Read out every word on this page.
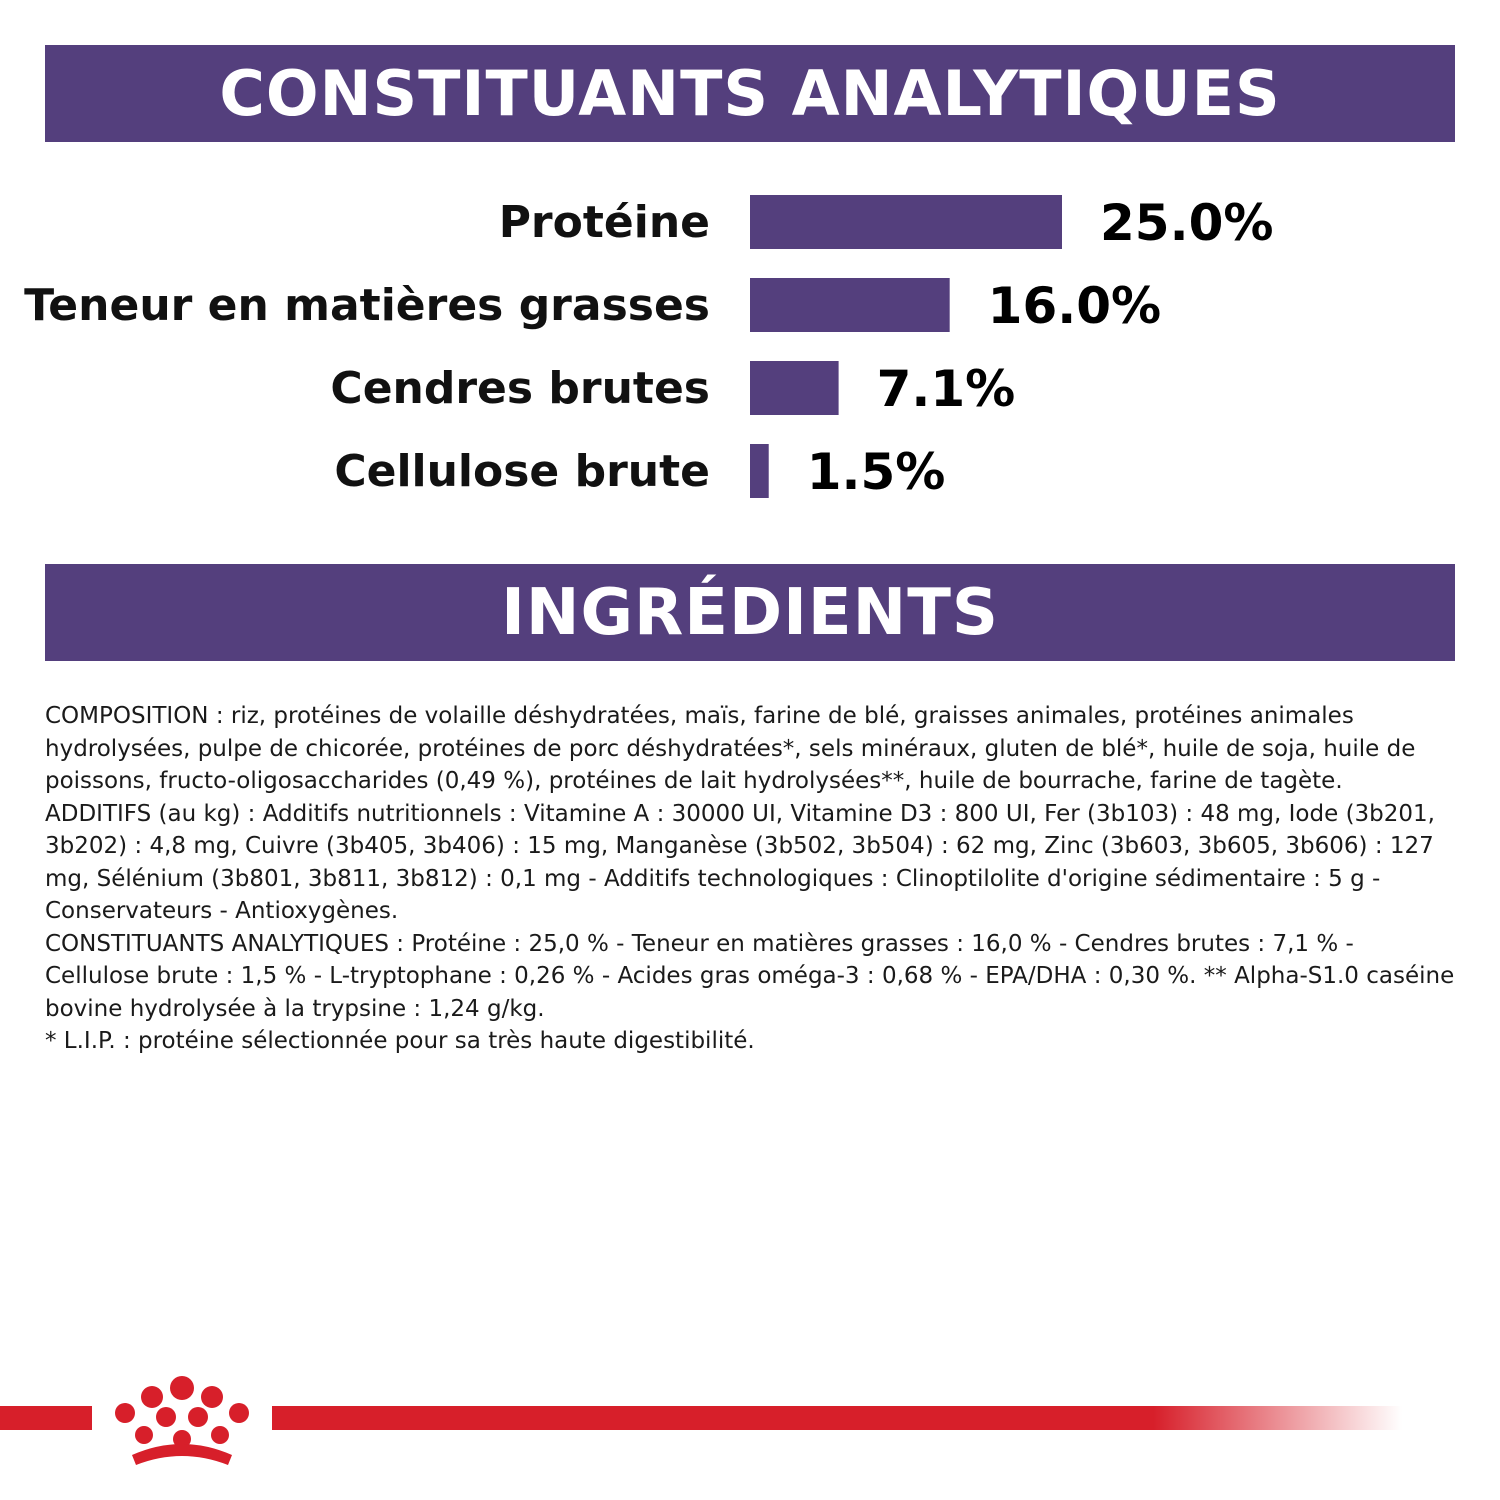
CONSTITUANTS ANALYTIQUES
Protéine	25.0%
Teneur en matières grasses	16.0%
Cendres brutes	7.1%
Cellulose brute 1.5%
INGRÉDIENTS

COMPOSITION : riz, protéines de volaille déshydratées, maïs, farine de blé, graisses animales, protéines animales hydrolysées, pulpe de chicorée, protéines de porc déshydratées*, sels minéraux, gluten de blé*, huile de soja, huile de poissons, fructo-oligosaccharides (0,49 %), protéines de lait hydrolysées**, huile de bourrache, farine de tagète.

ADDITIFS (au kg) : Additifs nutritionnels : Vitamine A : 30000 UI, Vitamine D3 : 800 UI, Fer (3b103) : 48 mg, Iode (3b201, 3b202) : 4,8 mg, Cuivre (3b405, 3b406) : 15 mg, Manganèse (3b502, 3b504) : 62 mg, Zinc (3b603, 3b605, 3b606) : 127 mg, Sélénium (3b801, 3b811, 3b812) : 0,1 mg - Additifs technologiques : Clinoptilolite d'origine sédimentaire : 5 g - Conservateurs - Antioxygènes.

CONSTITUANTS ANALYTIQUES : Protéine : 25,0 % - Teneur en matières grasses : 16,0 % - Cendres brutes : 7,1 % - Cellulose brute : 1,5 % - L-tryptophane : 0,26 % - Acides gras oméga-3 : 0,68 % - EPA/DHA : 0,30 %. ** Alpha-S1.0 caséine bovine hydrolysée à la trypsine : 1,24 g/kg.

* L.I.P. : protéine sélectionnée pour sa très haute digestibilité.
